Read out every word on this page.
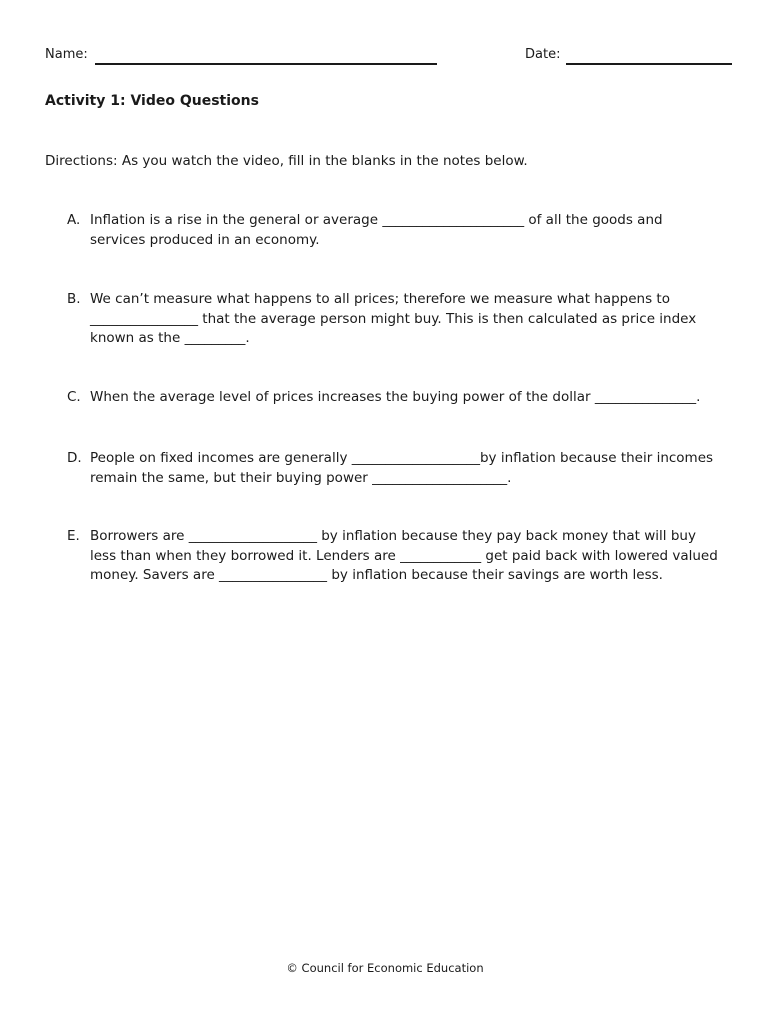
Name:	Date:
Activity 1: Video Questions
Directions: As you watch the video, fill in the blanks in the notes below.
A. Inflation is a rise in the general or average _____________________ of all the goods and services produced in an economy.
B. We can’t measure what happens to all prices; therefore we measure what happens to ________________ that the average person might buy. This is then calculated as price index known as the _________.
C. When the average level of prices increases the buying power of the dollar _______________.
D. People on fixed incomes are generally ___________________by inflation because their incomes remain the same, but their buying power ____________________.
E. Borrowers are ___________________ by inflation because they pay back money that will buy less than when they borrowed it. Lenders are ____________ get paid back with lowered valued money. Savers are ________________ by inflation because their savings are worth less.
© Council for Economic Education
